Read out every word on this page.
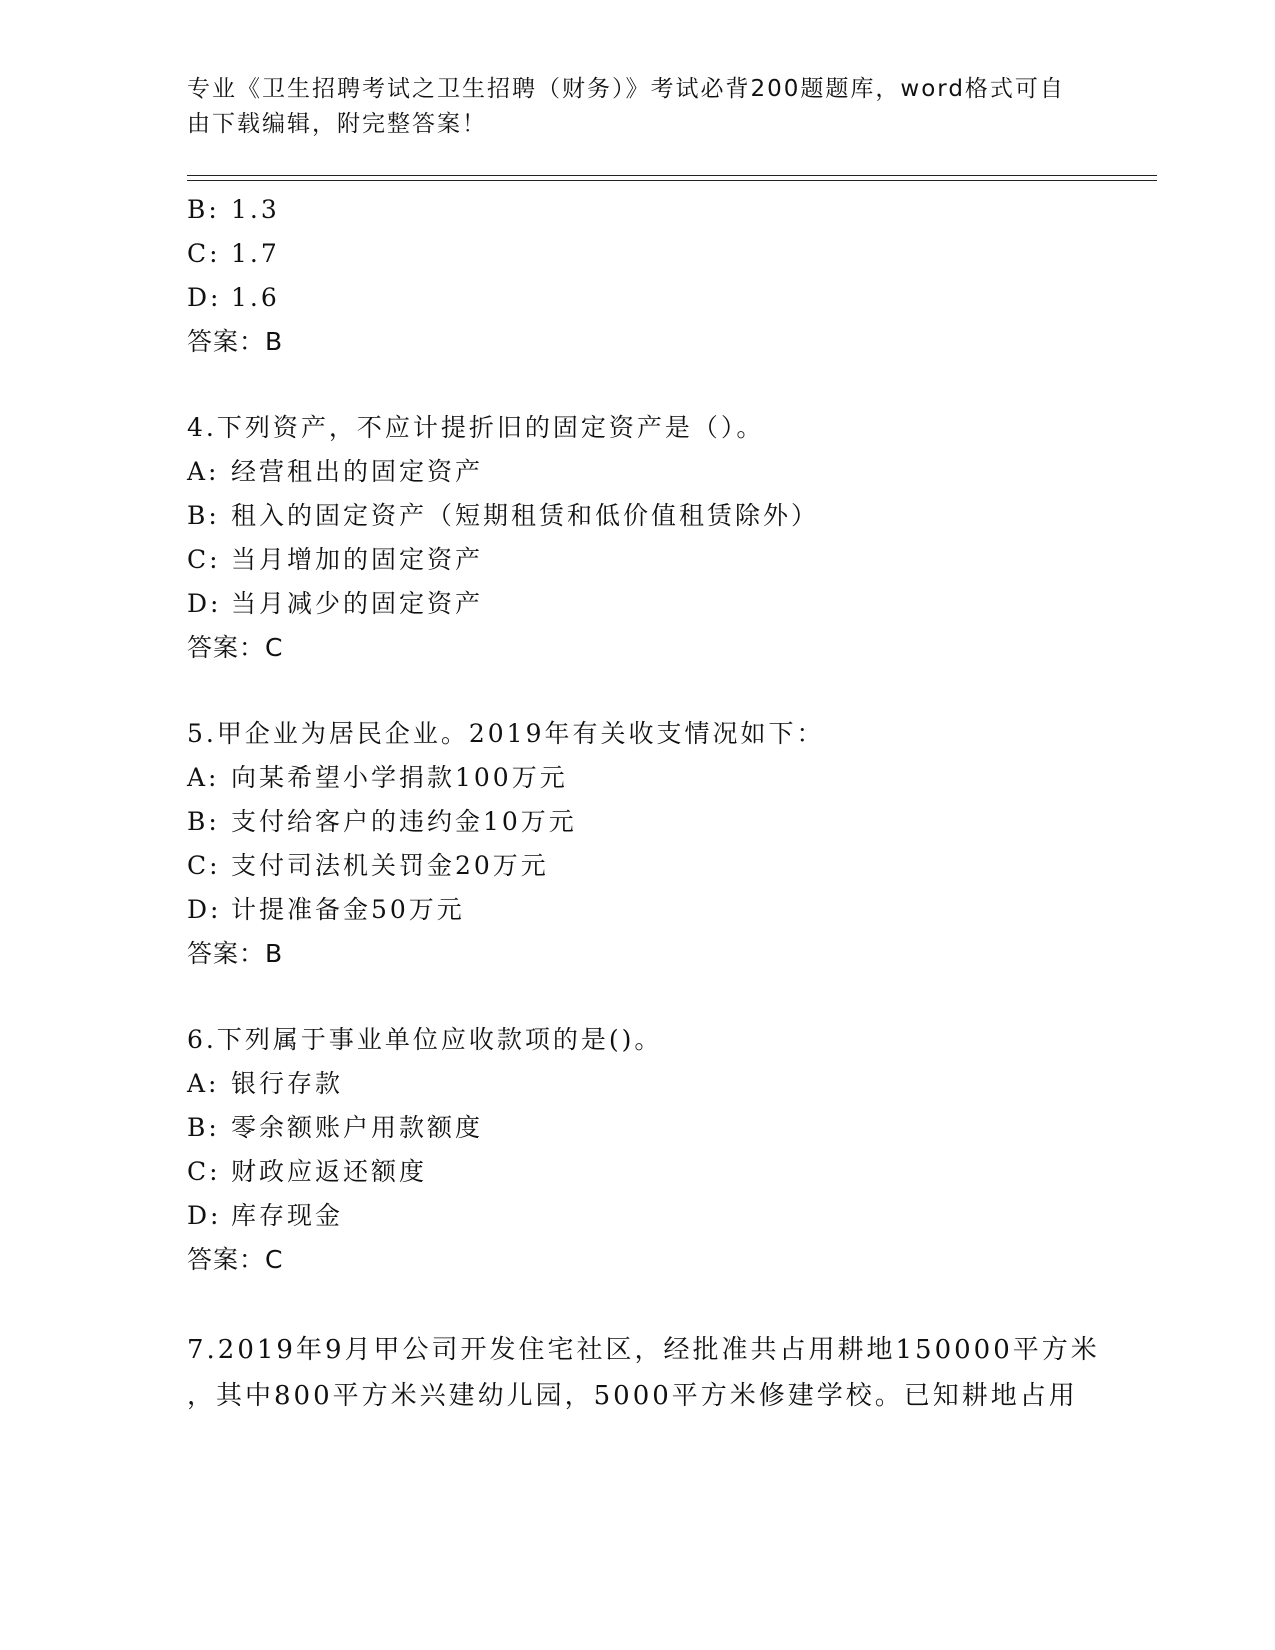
专业《卫生招聘考试之卫生招聘（财务）》考试必背200题题库，word格式可自
由下载编辑，附完整答案！
B: 1.3
C: 1.7
D: 1.6
答案：B
4.下列资产，不应计提折旧的固定资产是（）。
A: 经营租出的固定资产
B: 租入的固定资产（短期租赁和低价值租赁除外）
C: 当月增加的固定资产
D: 当月减少的固定资产
答案：C
5.甲企业为居民企业。2019年有关收支情况如下：
A: 向某希望小学捐款100万元
B: 支付给客户的违约金10万元
C: 支付司法机关罚金20万元
D: 计提准备金50万元
答案：B
6.下列属于事业单位应收款项的是()。
A: 银行存款
B: 零余额账户用款额度
C: 财政应返还额度
D: 库存现金
答案：C
7.2019年9月甲公司开发住宅社区，经批准共占用耕地150000平方米
，其中800平方米兴建幼儿园，5000平方米修建学校。已知耕地占用
